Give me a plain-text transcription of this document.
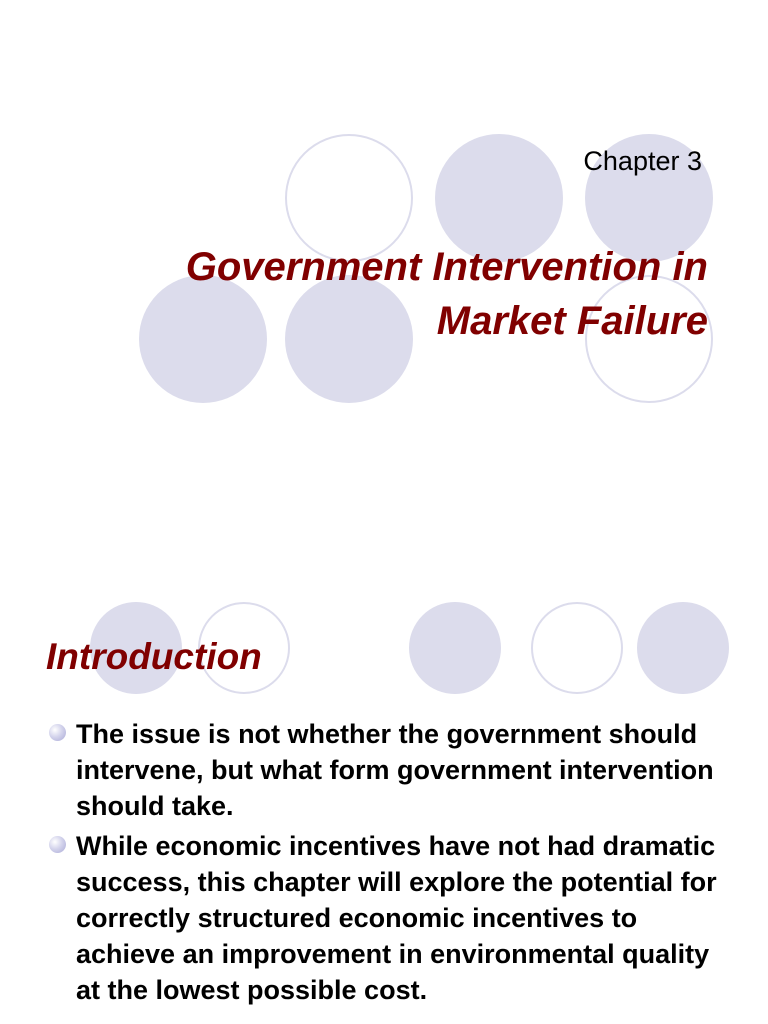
Chapter 3

Government Intervention in
Market Failure
Introduction
The issue is not whether the government should intervene, but what form government intervention should take.
While economic incentives have not had dramatic success, this chapter will explore the potential for correctly structured economic incentives to achieve an improvement in environmental quality at the lowest possible cost.
